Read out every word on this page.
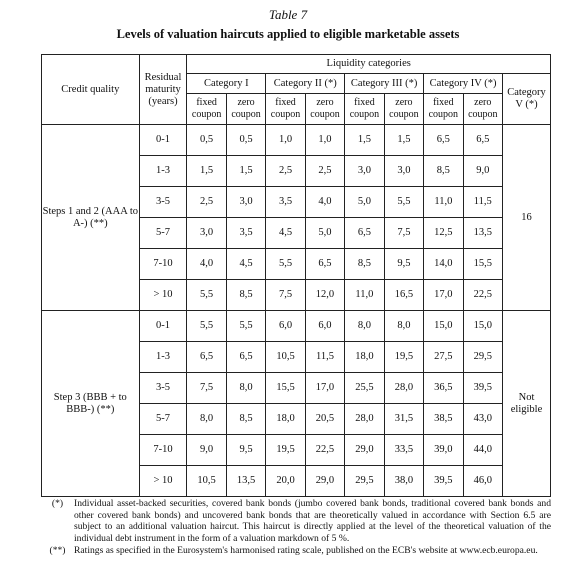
Table 7
Levels of valuation haircuts applied to eligible marketable assets
Credit quality	Residual maturity (years)	Liquidity categories								
		Category I		Category II (*)		Category III (*)		Category IV (*)		Category V (*)
		fixed coupon	zero coupon	fixed coupon	zero coupon	fixed coupon	zero coupon	fixed coupon	zero coupon	
Steps 1 and 2 (AAA to A-) (**)	0-1	0,5	0,5	1,0	1,0	1,5	1,5	6,5	6,5	16
	1-3	1,5	1,5	2,5	2,5	3,0	3,0	8,5	9,0	
	3-5	2,5	3,0	3,5	4,0	5,0	5,5	11,0	11,5	
	5-7	3,0	3,5	4,5	5,0	6,5	7,5	12,5	13,5	
	7-10	4,0	4,5	5,5	6,5	8,5	9,5	14,0	15,5	
	> 10	5,5	8,5	7,5	12,0	11,0	16,5	17,0	22,5	
Step 3 (BBB + to BBB-) (**)	0-1	5,5	5,5	6,0	6,0	8,0	8,0	15,0	15,0	Not eligible
	1-3	6,5	6,5	10,5	11,5	18,0	19,5	27,5	29,5	
	3-5	7,5	8,0	15,5	17,0	25,5	28,0	36,5	39,5	
	5-7	8,0	8,5	18,0	20,5	28,0	31,5	38,5	43,0	
	7-10	9,0	9,5	19,5	22,5	29,0	33,5	39,0	44,0	
	> 10	10,5	13,5	20,0	29,0	29,5	38,0	39,5	46,0	
(*)	Individual asset-backed securities, covered bank bonds (jumbo covered bank bonds, traditional covered bank bonds and other covered bank bonds) and uncovered bank bonds that are theoretically valued in accordance with Section 6.5 are subject to an additional valuation haircut. This haircut is directly applied at the level of the theoretical valuation of the individual debt instrument in the form of a valuation markdown of 5 %.
(**) Ratings as specified in the Eurosystem's harmonised rating scale, published on the ECB's website at www.ecb.europa.eu.
